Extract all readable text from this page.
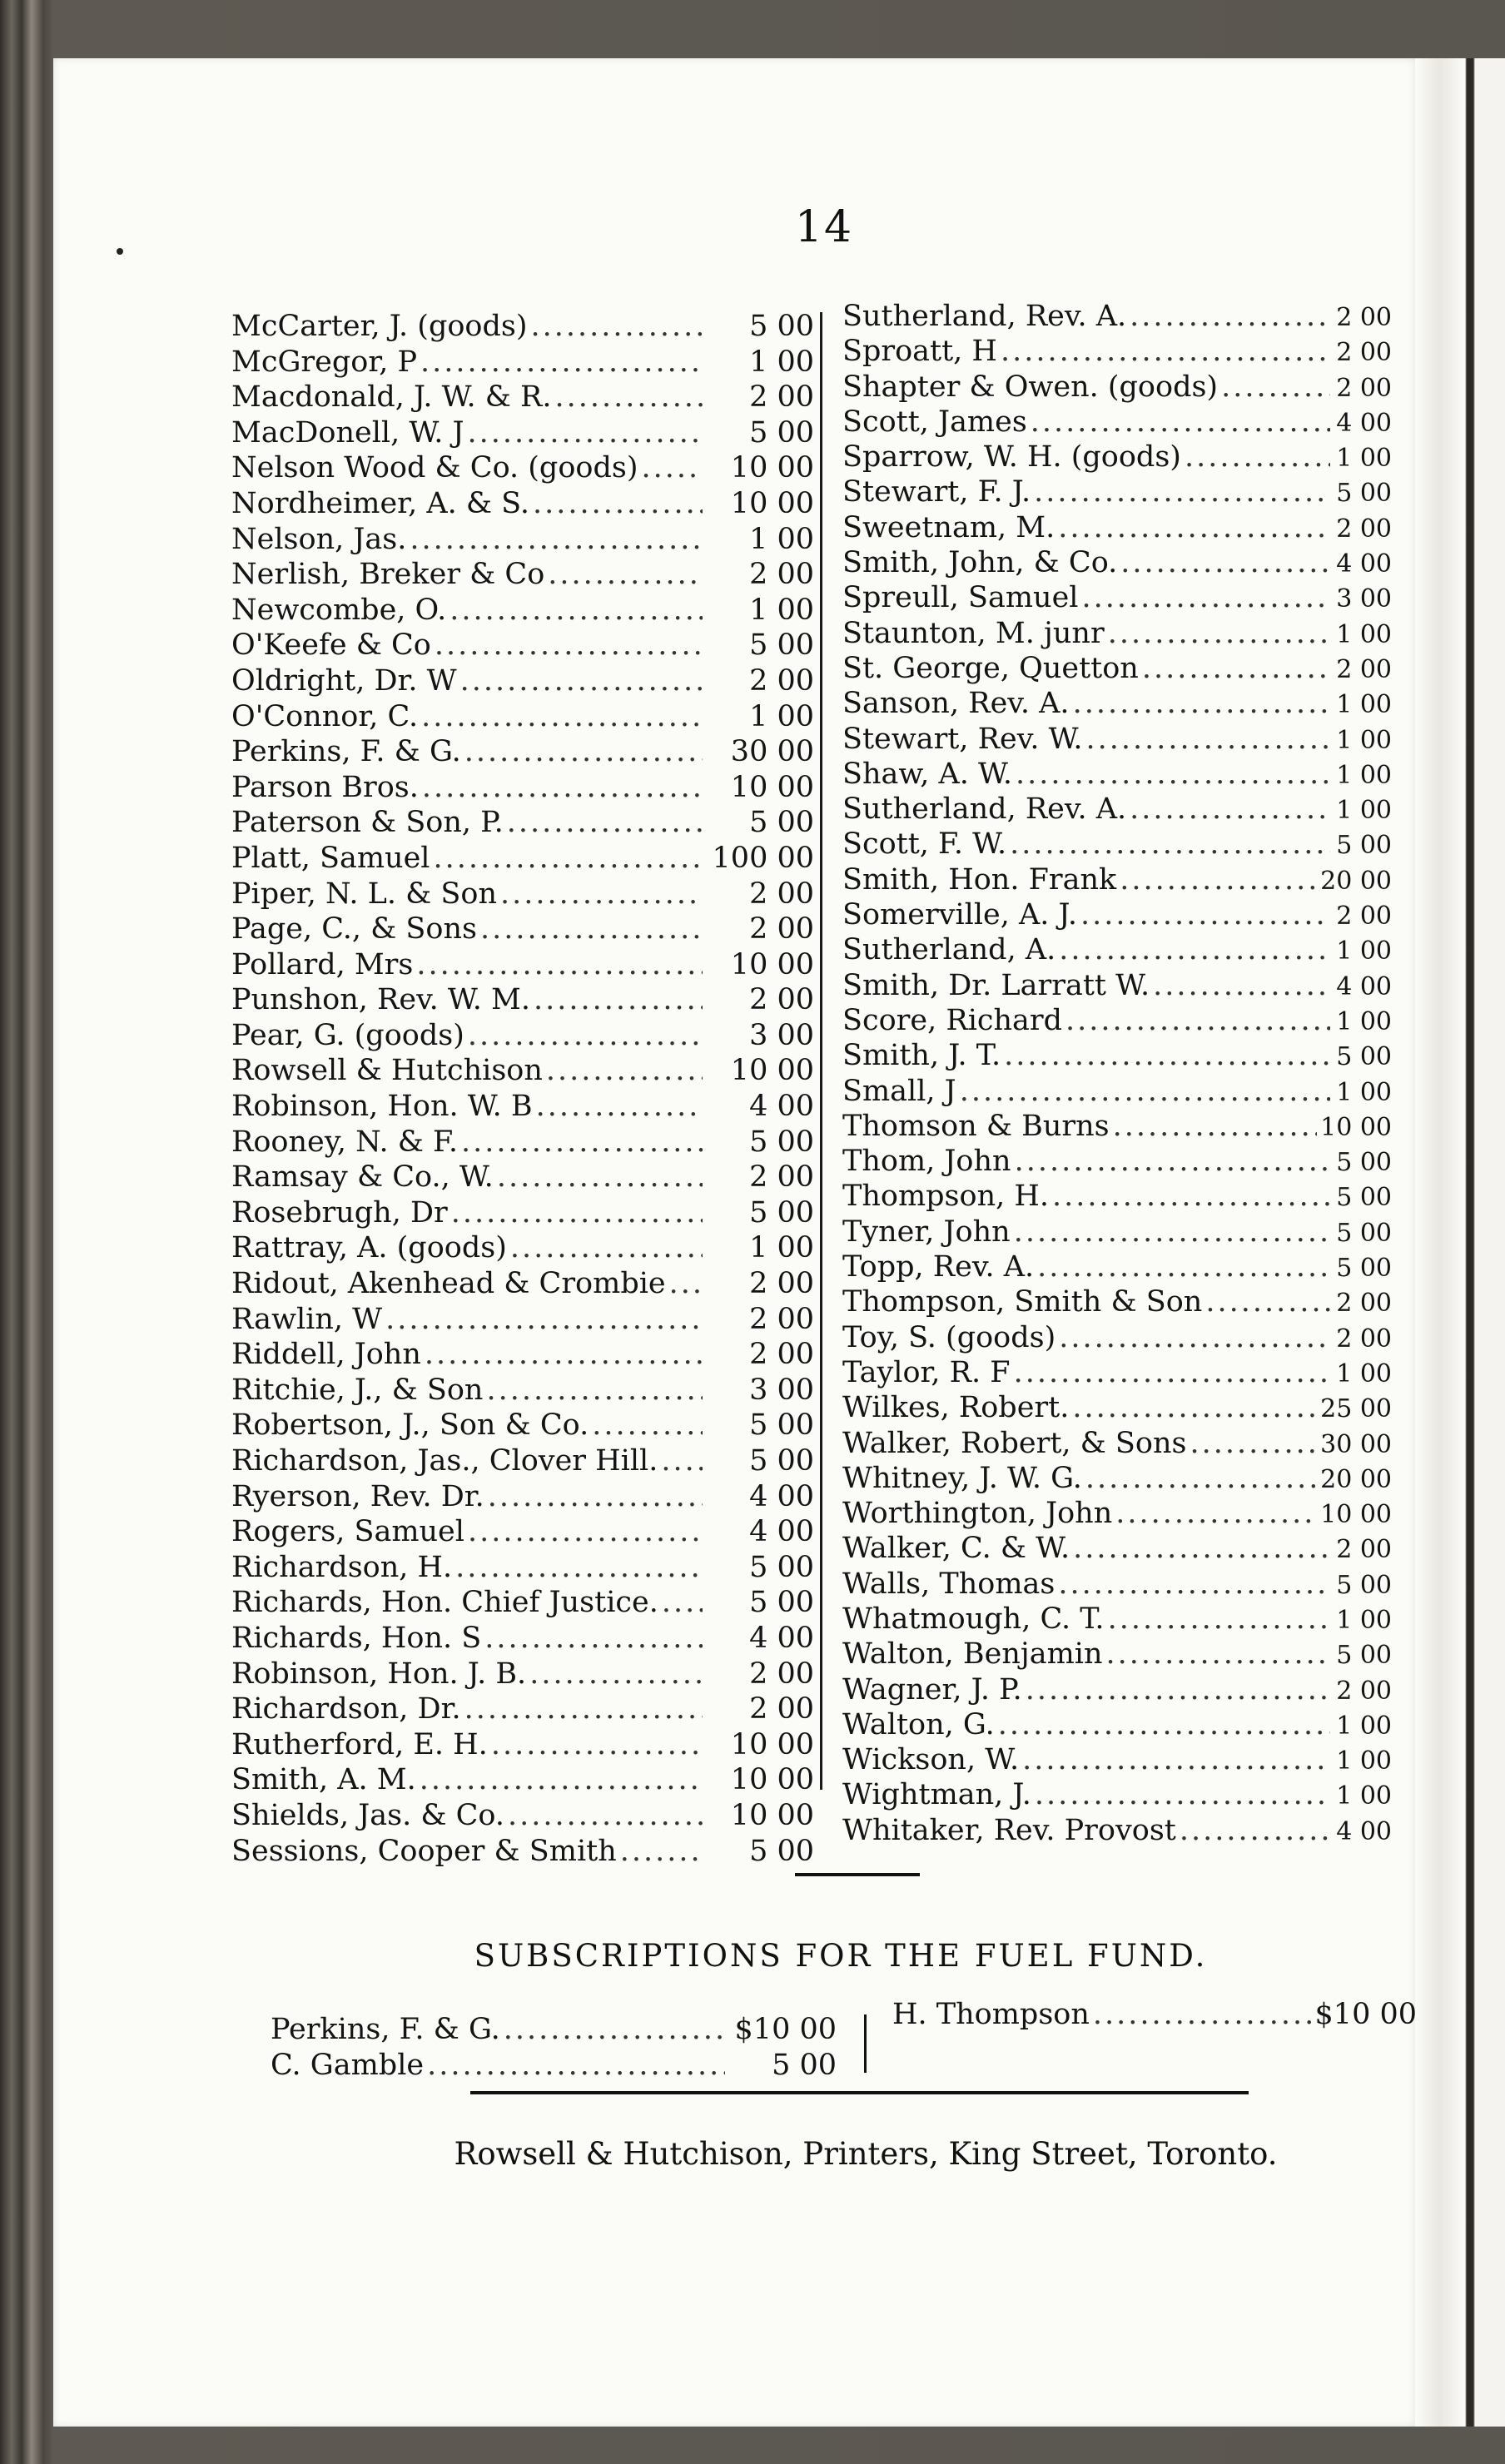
14
McCarter, J. (goods) .....	5 00
McGregor, P .....	1 00
Macdonald, J. W. & R. .....	2 00
MacDonell, W. J .....	5 00
Nelson Wood & Co. (goods) .....	10 00
Nordheimer, A. & S. .....	10 00
Nelson, Jas. .....	1 00
Nerlish, Breker & Co .....	2 00
Newcombe, O. .....	1 00
O'Keefe & Co .....	5 00
Oldright, Dr. W .....	2 00
O'Connor, C. .....	1 00
Perkins, F. & G. .....	30 00
Parson Bros. .....	10 00
Paterson & Son, P. .....	5 00
Platt, Samuel .....	100 00
Piper, N. L. & Son .....	2 00
Page, C., & Sons .....	2 00
Pollard, Mrs .....	10 00
Punshon, Rev. W. M. .....	2 00
Pear, G. (goods) .....	3 00
Rowsell & Hutchison .....	10 00
Robinson, Hon. W. B .....	4 00
Rooney, N. & F. .....	5 00
Ramsay & Co., W. .....	2 00
Rosebrugh, Dr .....	5 00
Rattray, A. (goods) .....	1 00
Ridout, Akenhead & Crombie .....	2 00
Rawlin, W .....	2 00
Riddell, John .....	2 00
Ritchie, J., & Son .....	3 00
Robertson, J., Son & Co. .....	5 00
Richardson, Jas., Clover Hill. .....	5 00
Ryerson, Rev. Dr. .....	4 00
Rogers, Samuel .....	4 00
Richardson, H. .....	5 00
Richards, Hon. Chief Justice. .....	5 00
Richards, Hon. S .....	4 00
Robinson, Hon. J. B. .....	2 00
Richardson, Dr. .....	2 00
Rutherford, E. H. .....	10 00
Smith, A. M. .....	10 00
Shields, Jas. & Co. .....	10 00
Sessions, Cooper & Smith .....	5 00
Sutherland, Rev. A. .....	2 00
Sproatt, H .....	2 00
Shapter & Owen. (goods) .....	2 00
Scott, James .....	4 00
Sparrow, W. H. (goods) .....	1 00
Stewart, F. J. .....	5 00
Sweetnam, M. .....	2 00
Smith, John, & Co. .....	4 00
Spreull, Samuel .....	3 00
Staunton, M. junr .....	1 00
St. George, Quetton .....	2 00
Sanson, Rev. A. .....	1 00
Stewart, Rev. W. .....	1 00
Shaw, A. W. .....	1 00
Sutherland, Rev. A. .....	1 00
Scott, F. W. .....	5 00
Smith, Hon. Frank .....	20 00
Somerville, A. J. .....	2 00
Sutherland, A. .....	1 00
Smith, Dr. Larratt W. .....	4 00
Score, Richard .....	1 00
Smith, J. T. .....	5 00
Small, J .....	1 00
Thomson & Burns .....	10 00
Thom, John .....	5 00
Thompson, H. .....	5 00
Tyner, John .....	5 00
Topp, Rev. A. .....	5 00
Thompson, Smith & Son .....	2 00
Toy, S. (goods) .....	2 00
Taylor, R. F .....	1 00
Wilkes, Robert. .....	25 00
Walker, Robert, & Sons .....	30 00
Whitney, J. W. G. .....	20 00
Worthington, John .....	10 00
Walker, C. & W. .....	2 00
Walls, Thomas .....	5 00
Whatmough, C. T. .....	1 00
Walton, Benjamin .....	5 00
Wagner, J. P. .....	2 00
Walton, G. .....	1 00
Wickson, W. .....	1 00
Wightman, J. .....	1 00
Whitaker, Rev. Provost .....	4 00
SUBSCRIPTIONS FOR THE FUEL FUND.
Perkins, F. & G. .....	$10 00
C. Gamble .....	5 00
H. Thompson .....	$10 00
Rowsell & Hutchison, Printers, King Street, Toronto.
